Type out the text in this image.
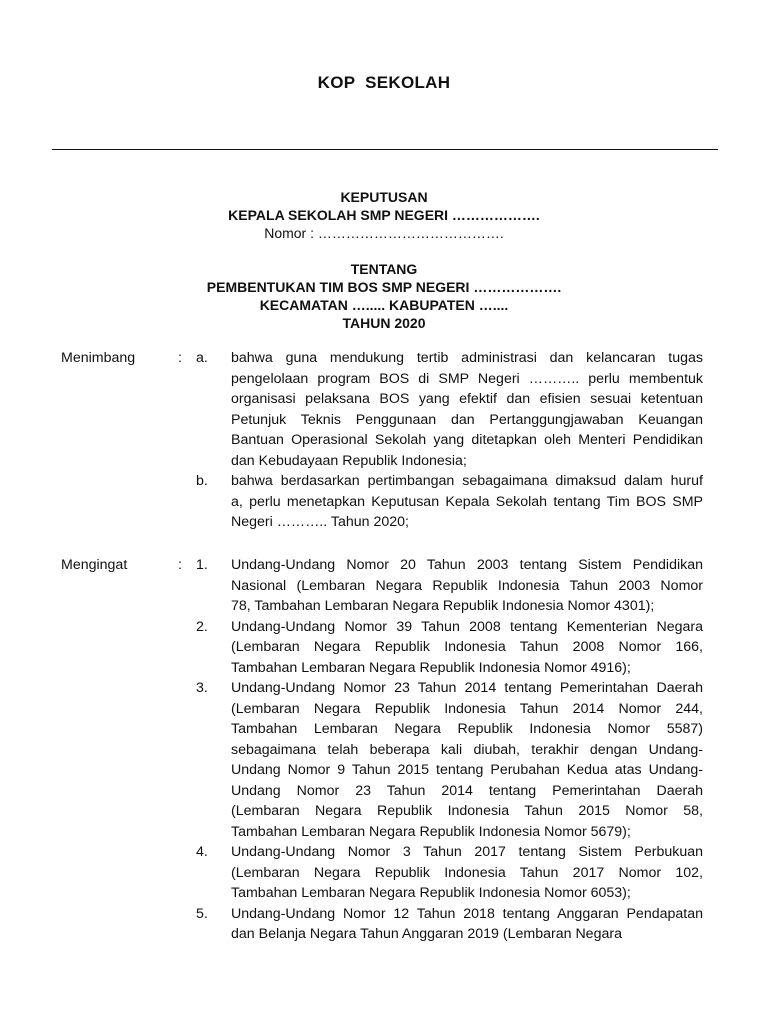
KOP  SEKOLAH
KEPUTUSAN
KEPALA SEKOLAH SMP NEGERI ……………….
Nomor : ………………………………….
TENTANG
PEMBENTUKAN TIM BOS SMP NEGERI ……………….
KECAMATAN …..... KABUPATEN …....
TAHUN 2020
Menimbang	: a. bahwa guna mendukung tertib administrasi dan kelancaran tugas
pengelolaan program BOS di SMP Negeri ……….. perlu membentuk
organisasi pelaksana BOS yang efektif dan efisien sesuai ketentuan
Petunjuk Teknis Penggunaan dan Pertanggungjawaban Keuangan
Bantuan Operasional Sekolah yang ditetapkan oleh Menteri Pendidikan
dan Kebudayaan Republik Indonesia;
b. bahwa berdasarkan pertimbangan sebagaimana dimaksud dalam huruf
a, perlu menetapkan Keputusan Kepala Sekolah tentang Tim BOS SMP
Negeri ……….. Tahun 2020;
Mengingat	: 1. Undang-Undang Nomor 20 Tahun 2003 tentang Sistem Pendidikan
Nasional (Lembaran Negara Republik Indonesia Tahun 2003 Nomor
78, Tambahan Lembaran Negara Republik Indonesia Nomor 4301);
2. Undang-Undang Nomor 39 Tahun 2008 tentang Kementerian Negara
(Lembaran Negara Republik Indonesia Tahun 2008 Nomor 166,
Tambahan Lembaran Negara Republik Indonesia Nomor 4916);
3. Undang-Undang Nomor 23 Tahun 2014 tentang Pemerintahan Daerah
(Lembaran Negara Republik Indonesia Tahun 2014 Nomor 244,
Tambahan Lembaran Negara Republik Indonesia Nomor 5587)
sebagaimana telah beberapa kali diubah, terakhir dengan Undang-
Undang Nomor 9 Tahun 2015 tentang Perubahan Kedua atas Undang-
Undang Nomor 23 Tahun 2014 tentang Pemerintahan Daerah
(Lembaran Negara Republik Indonesia Tahun 2015 Nomor 58,
Tambahan Lembaran Negara Republik Indonesia Nomor 5679);
4. Undang-Undang Nomor 3 Tahun 2017 tentang Sistem Perbukuan
(Lembaran Negara Republik Indonesia Tahun 2017 Nomor 102,
Tambahan Lembaran Negara Republik Indonesia Nomor 6053);
5. Undang-Undang Nomor 12 Tahun 2018 tentang Anggaran Pendapatan
dan Belanja Negara Tahun Anggaran 2019 (Lembaran Negara
